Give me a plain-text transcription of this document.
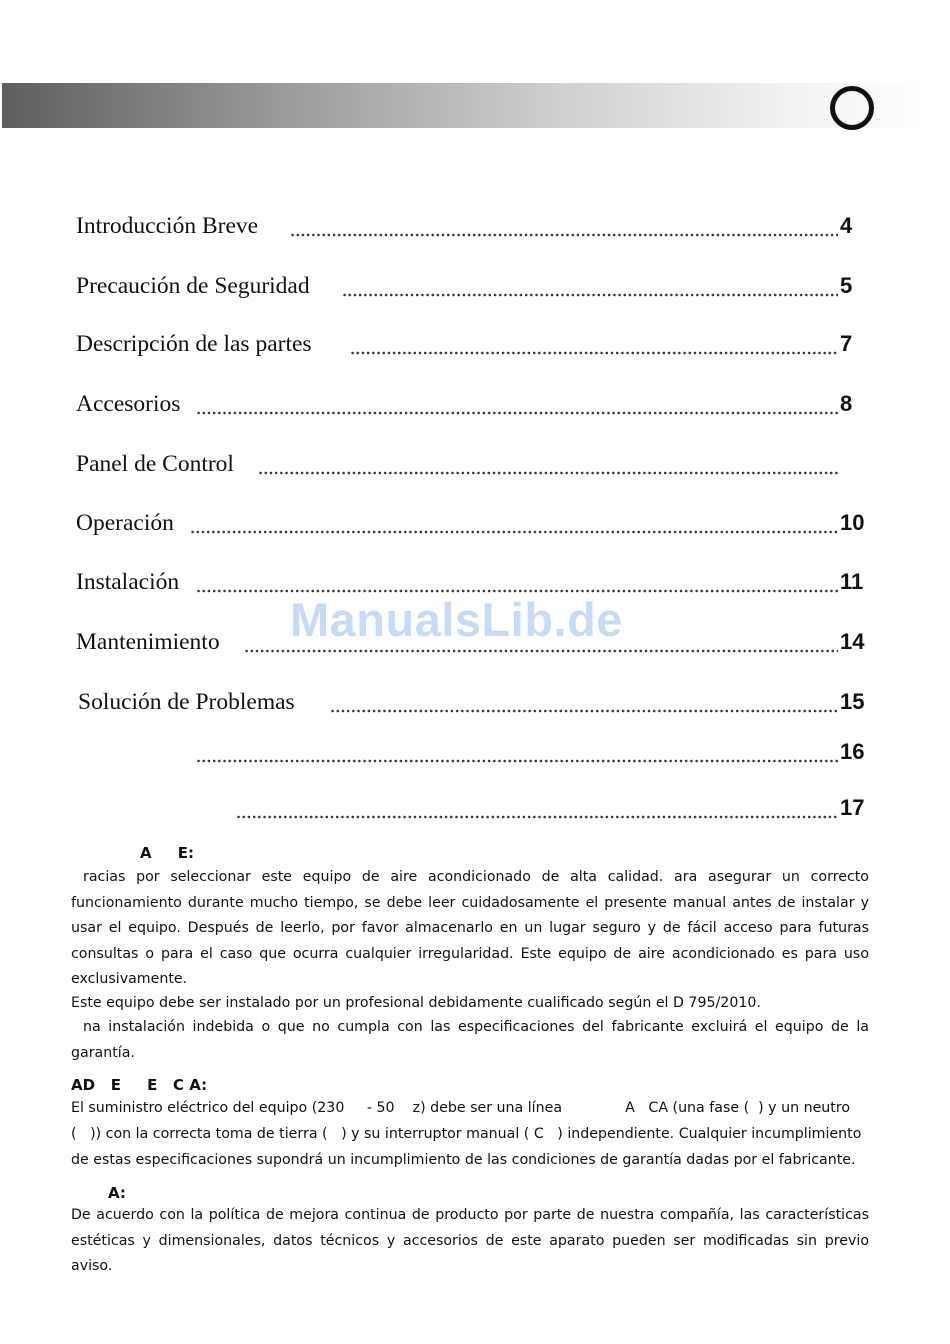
Introducción Breve	4
Precaución de Seguridad	5
Descripción de las partes	7
Accesorios	8
Panel de Control
Operación	10
Instalación	11
Mantenimiento	14
Solución de Problemas	15
16
17
ManualsLib.de
A     E:
racias por seleccionar este equipo de aire acondicionado de alta calidad. ara asegurar un correcto funcionamiento durante mucho tiempo, se debe leer cuidadosamente el presente manual antes de instalar y usar el equipo. Después de leerlo, por favor almacenarlo en un lugar seguro y de fácil acceso para futuras consultas o para el caso que ocurra cualquier irregularidad. Este equipo de aire acondicionado es para uso exclusivamente.
Este equipo debe ser instalado por un profesional debidamente cualificado según el D 795/2010.
na instalación indebida o que no cumpla con las especificaciones del fabricante excluirá el equipo de la garantía.
AD   E     E   C A:
El suministro eléctrico del equipo (230     - 50    z) debe ser una línea              A   CA (una fase (  ) y un neutro
(   )) con la correcta toma de tierra (   ) y su interruptor manual ( C   ) independiente. Cualquier incumplimiento
de estas especificaciones supondrá un incumplimiento de las condiciones de garantía dadas por el fabricante.
A:
De acuerdo con la política de mejora continua de producto por parte de nuestra compañía, las características estéticas y dimensionales, datos técnicos y accesorios de este aparato pueden ser modificadas sin previo aviso.
